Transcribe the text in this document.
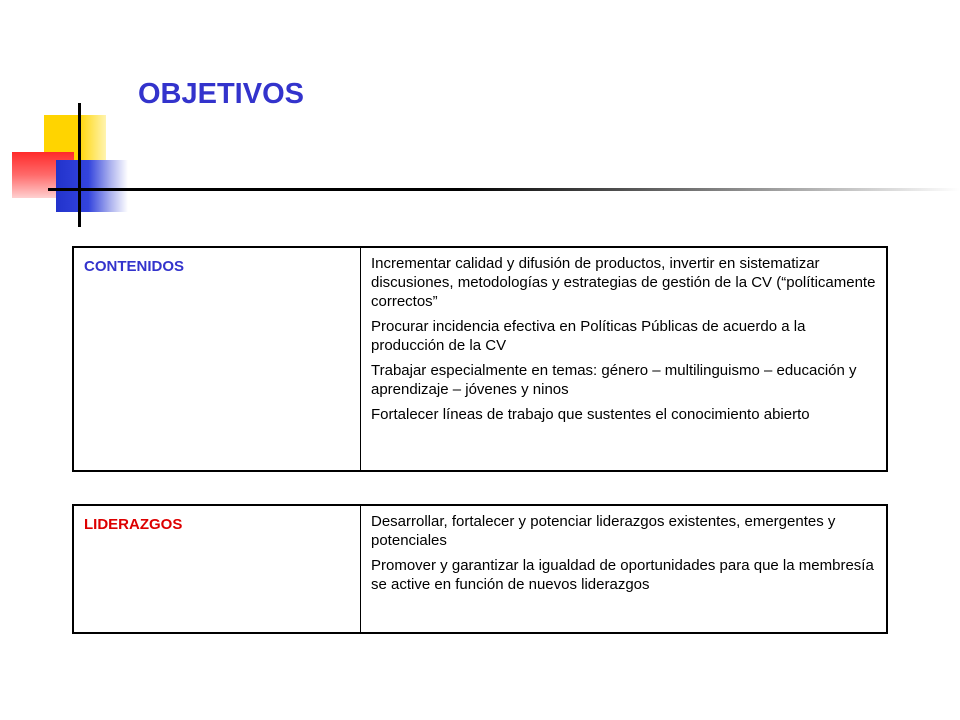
OBJETIVOS
CONTENIDOS	Incrementar calidad y difusión de productos, invertir en sistematizar discusiones, metodologías y estrategias de gestión de la CV (“políticamente correctos”

Procurar incidencia efectiva en Políticas Públicas de acuerdo a la producción de la CV

Trabajar especialmente en temas: género – multilinguismo – educación y aprendizaje – jóvenes y ninos

Fortalecer líneas de trabajo que sustentes el conocimiento abierto

LIDERAZGOS	Desarrollar, fortalecer y potenciar liderazgos existentes, emergentes y potenciales

Promover y garantizar la igualdad de oportunidades para que la membresía se active en función de nuevos liderazgos
